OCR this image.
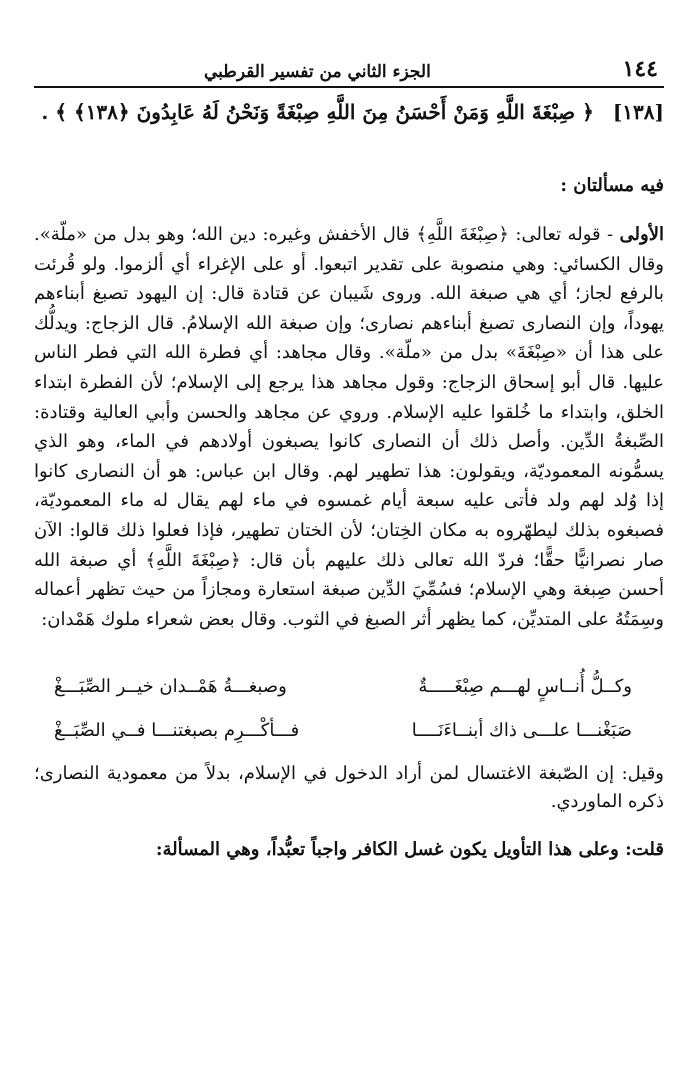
١٤٤
الجزء الثاني من تفسير القرطبي
[١٣٨] ﴿ صِبْغَةَ اللَّهِ وَمَنْ أَحْسَنُ مِنَ اللَّهِ صِبْغَةً وَنَحْنُ لَهُ عَابِدُونَ ﴿١٣٨﴾ ﴾ .
فيه مسألتان :

الأولى - قوله تعالى: ﴿صِبْغَةَ اللَّهِ﴾ قال الأخفش وغيره: دين الله؛ وهو بدل من «ملّة». وقال الكسائي: وهي منصوبة على تقدير اتبعوا. أو على الإغراء أي ألزموا. ولو قُرئت بالرفع لجاز؛ أي هي صبغة الله. وروى شَيبان عن قتادة قال: إن اليهود تصبغ أبناءهم يهوداً، وإن النصارى تصبغ أبناءهم نصارى؛ وإن صبغة الله الإسلامُ. قال الزجاج: ويدلُّك على هذا أن «صِبْغَةَ» بدل من «ملّة». وقال مجاهد: أي فطرة الله التي فطر الناس عليها. قال أبو إسحاق الزجاج: وقول مجاهد هذا يرجع إلى الإسلام؛ لأن الفطرة ابتداء الخلق، وابتداء ما خُلقوا عليه الإسلام. وروي عن مجاهد والحسن وأبي العالية وقتادة: الصِّبغةُ الدِّين. وأصل ذلك أن النصارى كانوا يصبغون أولادهم في الماء، وهو الذي يسمُّونه المعموديّة، ويقولون: هذا تطهير لهم. وقال ابن عباس: هو أن النصارى كانوا إذا وُلد لهم ولد فأتى عليه سبعة أيام غمسوه في ماء لهم يقال له ماء المعموديّة، فصبغوه بذلك ليطهّروه به مكان الخِتان؛ لأن الختان تطهير، فإذا فعلوا ذلك قالوا: الآن صار نصرانيًّا حقًّا؛ فردّ الله تعالى ذلك عليهم بأن قال: ﴿صِبْغَةَ اللَّهِ﴾ أي صبغة الله أحسن صِبغة وهي الإسلام؛ فسُمِّيَ الدِّين صبغة استعارة ومجازاً من حيث تظهر أعماله وسِمَتُهُ على المتديِّن، كما يظهر أثر الصبغ في الثوب. وقال بعض شعراء ملوك هَمْدان:

وكــلُّ أُنــاسٍ لهـــم صِبْغَـــــةٌ
وصبغـــةُ هَمْــدان خيــر الصِّبَـــغْ
صَبَغْنـــا علـــى ذاك أبنــاءَنَــــا
فـــأكْـــرِم بصبغتنـــا فــي الصِّبَــغْ
وقيل: إن الصّبغة الاغتسال لمن أراد الدخول في الإسلام، بدلاً من معمودية النصارى؛ ذكره الماوردي.
قلت: وعلى هذا التأويل يكون غسل الكافر واجباً تعبُّداً، وهي المسألة:
